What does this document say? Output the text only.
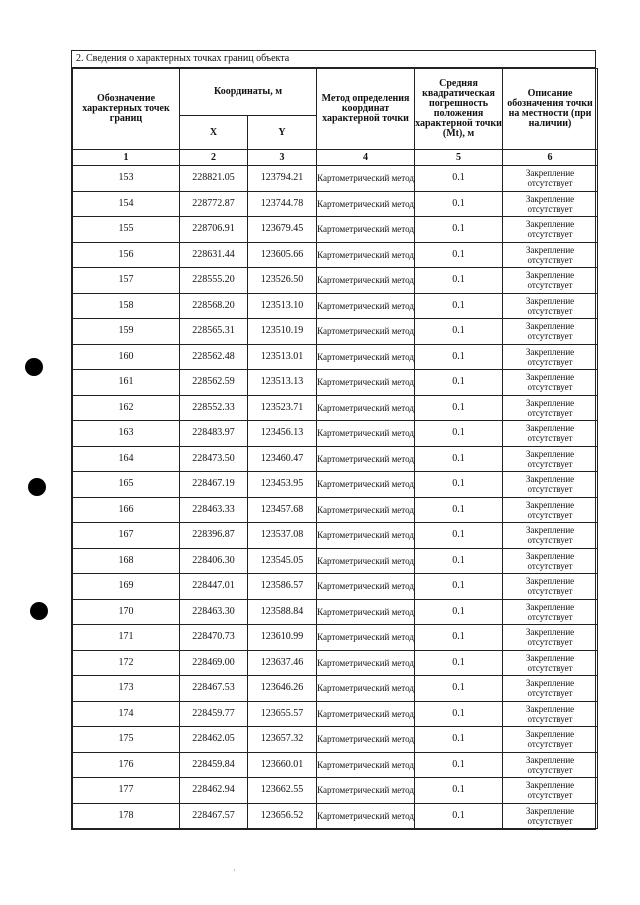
2. Сведения о характерных точках границ объекта
Обозначение характерных точек границ	Координаты, м		Метод определения координат характерной точки	Средняя квадратическая погрешность положения характерной точки (Mt), м	Описание обозначения точки на местности (при наличии)
	X	Y			
1	2	3	4	5	6
153	228821.05	123794.21	Картометрический метод	0.1	Закрепление отсутствует
154	228772.87	123744.78	Картометрический метод	0.1	Закрепление отсутствует
155	228706.91	123679.45	Картометрический метод	0.1	Закрепление отсутствует
156	228631.44	123605.66	Картометрический метод	0.1	Закрепление отсутствует
157	228555.20	123526.50	Картометрический метод	0.1	Закрепление отсутствует
158	228568.20	123513.10	Картометрический метод	0.1	Закрепление отсутствует
159	228565.31	123510.19	Картометрический метод	0.1	Закрепление отсутствует
160	228562.48	123513.01	Картометрический метод	0.1	Закрепление отсутствует
161	228562.59	123513.13	Картометрический метод	0.1	Закрепление отсутствует
162	228552.33	123523.71	Картометрический метод	0.1	Закрепление отсутствует
163	228483.97	123456.13	Картометрический метод	0.1	Закрепление отсутствует
164	228473.50	123460.47	Картометрический метод	0.1	Закрепление отсутствует
165	228467.19	123453.95	Картометрический метод	0.1	Закрепление отсутствует
166	228463.33	123457.68	Картометрический метод	0.1	Закрепление отсутствует
167	228396.87	123537.08	Картометрический метод	0.1	Закрепление отсутствует
168	228406.30	123545.05	Картометрический метод	0.1	Закрепление отсутствует
169	228447.01	123586.57	Картометрический метод	0.1	Закрепление отсутствует
170	228463.30	123588.84	Картометрический метод	0.1	Закрепление отсутствует
171	228470.73	123610.99	Картометрический метод	0.1	Закрепление отсутствует
172	228469.00	123637.46	Картометрический метод	0.1	Закрепление отсутствует
173	228467.53	123646.26	Картометрический метод	0.1	Закрепление отсутствует
174	228459.77	123655.57	Картометрический метод	0.1	Закрепление отсутствует
175	228462.05	123657.32	Картометрический метод	0.1	Закрепление отсутствует
176	228459.84	123660.01	Картометрический метод	0.1	Закрепление отсутствует
177	228462.94	123662.55	Картометрический метод	0.1	Закрепление отсутствует
178	228467.57	123656.52	Картометрический метод	0.1	Закрепление отсутствует
·
